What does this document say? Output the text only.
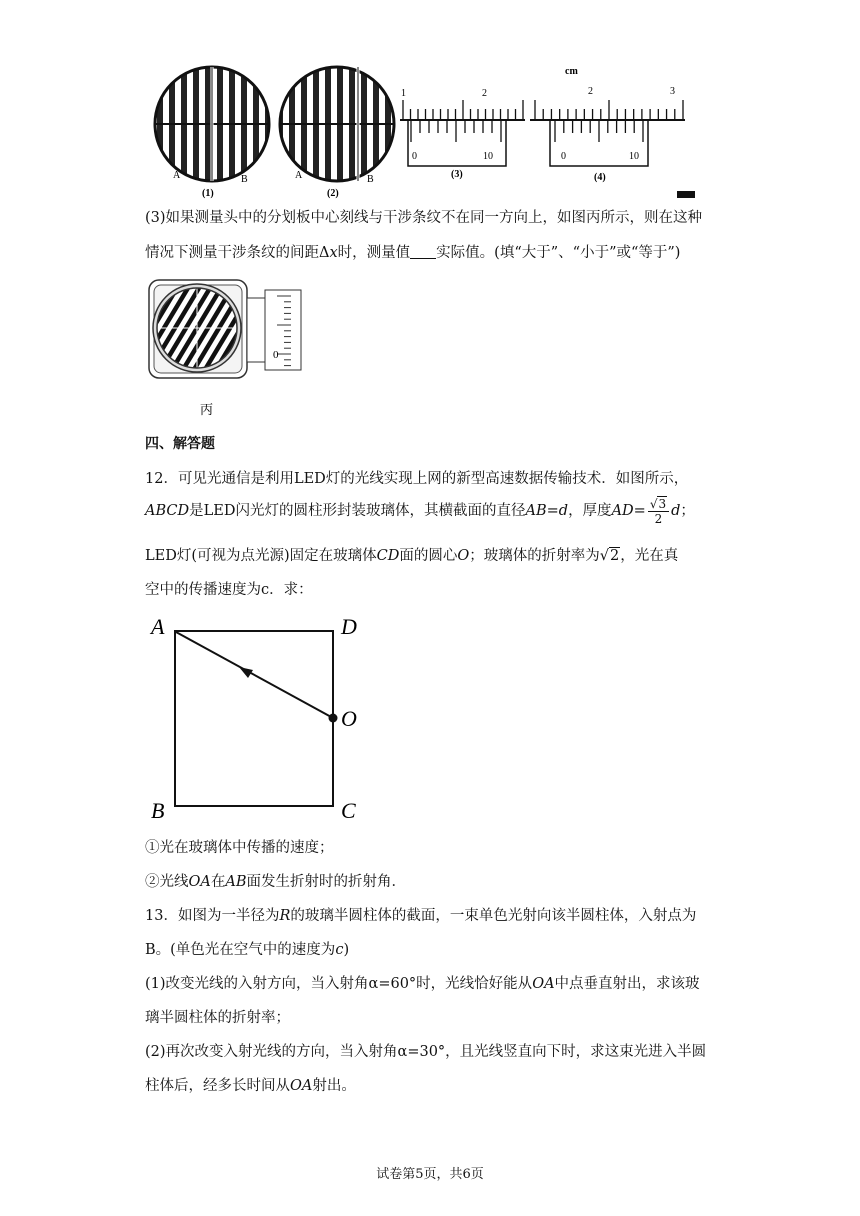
A	B	A	B
(1)	(2)
1	2
0	10
(3)
cm
2	3
0	10
(4)
(3)如果测量头中的分划板中心刻线与干涉条纹不在同一方向上，如图丙所示，则在这种
情况下测量干涉条纹的间距Δx时，测量值 实际值。(填“大于”、“小于”或“等于”)
0
丙
四、解答题
12．可见光通信是利用LED灯的光线实现上网的新型高速数据传输技术．如图所示，
ABCD是LED闪光灯的圆柱形封装玻璃体，其横截面的直径AB=d，厚度$AD= \frac{√3}{2}$ d；
LED灯(可视为点光源)固定在玻璃体CD面的圆心O；玻璃体的折射率为√2，光在真
空中的传播速度为c．求：
A	D
O
B	C
①光在玻璃体中传播的速度；
②光线OA在AB面发生折射时的折射角．
13．如图为一半径为R的玻璃半圆柱体的截面，一束单色光射向该半圆柱体，入射点为
B。(单色光在空气中的速度为c)
(1)改变光线的入射方向，当入射角α=60°时，光线恰好能从OA中点垂直射出，求该玻
璃半圆柱体的折射率；
(2)再次改变入射光线的方向，当入射角α=30°，且光线竖直向下时，求这束光进入半圆
柱体后，经多长时间从OA射出。
试卷第5页，共6页
